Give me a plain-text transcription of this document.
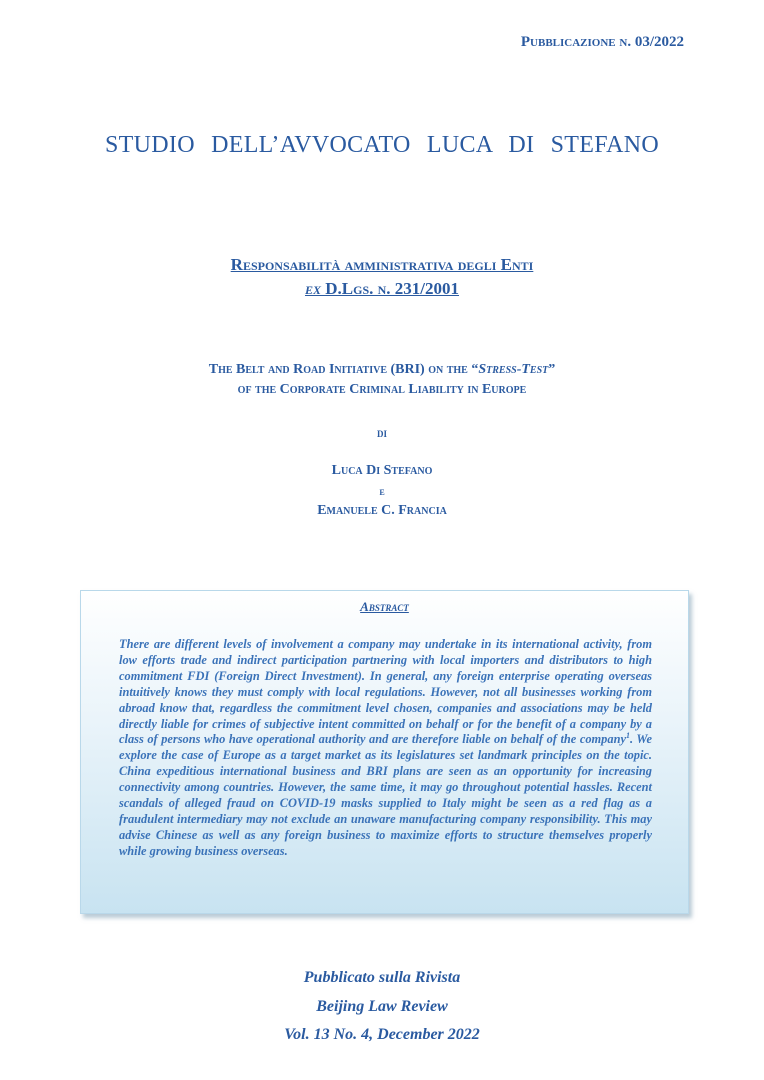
Pubblicazione n. 03/2022
STUDIO DELL’AVVOCATO LUCA DI STEFANO
Responsabilità amministrativa degli Enti
ex D.Lgs. n. 231/2001
The Belt and Road Initiative (BRI) on the “Stress-Test”
of the Corporate Criminal Liability in Europe
di
Luca Di Stefano
e
Emanuele C. Francia
Abstract
There are different levels of involvement a company may undertake in its international activity, from low efforts trade and indirect participation partnering with local importers and distributors to high commitment FDI (Foreign Direct Investment). In general, any foreign enterprise operating overseas intuitively knows they must comply with local regulations. However, not all businesses working from abroad know that, regardless the commitment level chosen, companies and associations may be held directly liable for crimes of subjective intent committed on behalf or for the benefit of a company by a class of persons who have operational authority and are therefore liable on behalf of the company$^1$. We explore the case of Europe as a target market as its legislatures set landmark principles on the topic. China expeditious international business and BRI plans are seen as an opportunity for increasing connectivity among countries. However, the same time, it may go throughout potential hassles. Recent scandals of alleged fraud on COVID-19 masks supplied to Italy might be seen as a red flag as a fraudulent intermediary may not exclude an unaware manufacturing company responsibility. This may advise Chinese as well as any foreign business to maximize efforts to structure themselves properly while growing business overseas.
Pubblicato sulla Rivista
Beijing Law Review
Vol. 13 No. 4, December 2022
